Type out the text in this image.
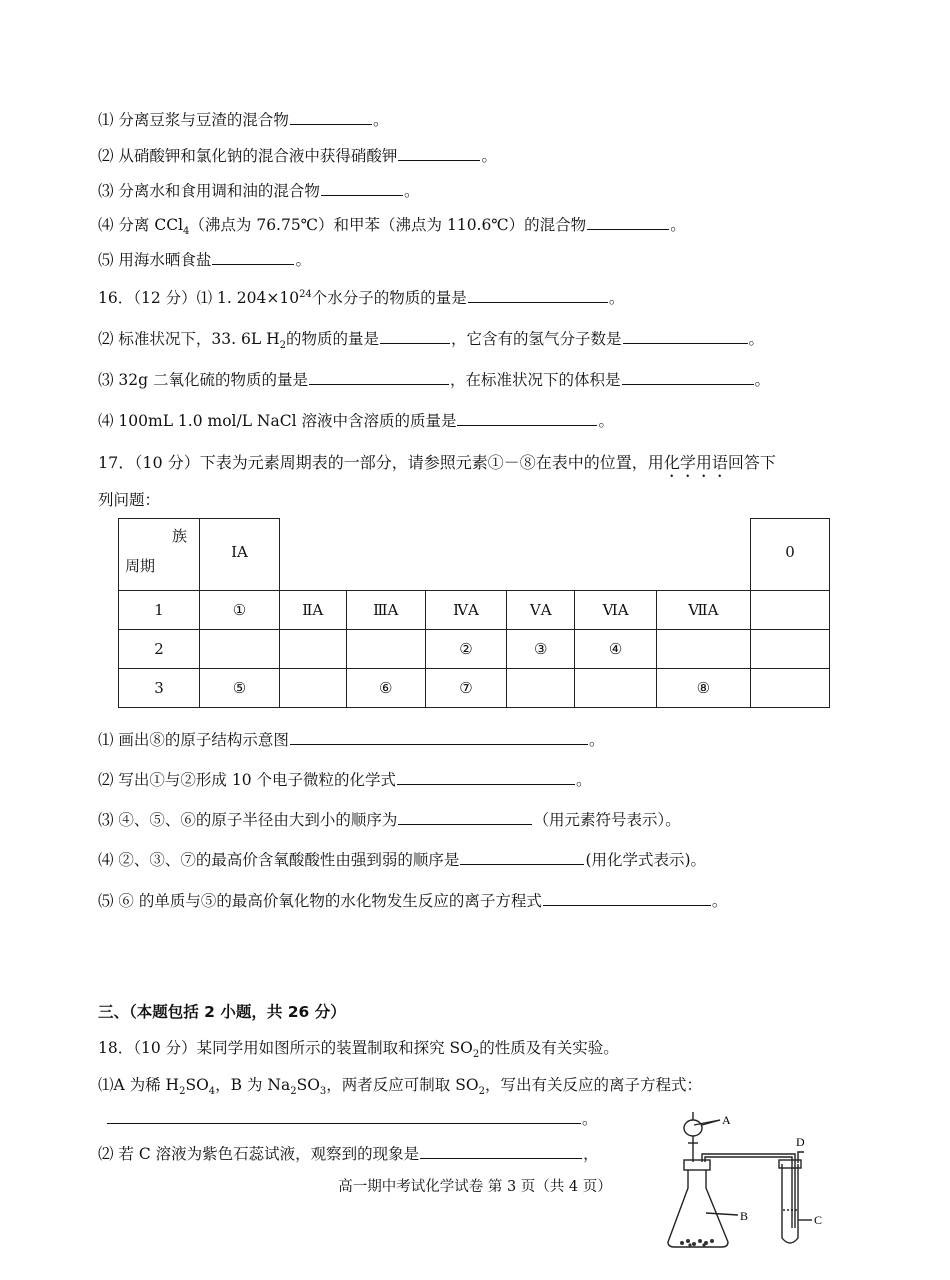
⑴ 分离豆浆与豆渣的混合物	。
⑵ 从硝酸钾和氯化钠的混合液中获得硝酸钾	。
⑶ 分离水和食用调和油的混合物	。
⑷ 分离 CCl$_4$（沸点为 76.75℃）和甲苯（沸点为 110.6℃）的混合物	。
⑸ 用海水晒食盐	。
16．（12 分）⑴ 1. $204\times 10^{24}$个水分子的物质的量是	。
⑵ 标准状况下，33. 6L $H_2$的物质的量是	，它含有的氢气分子数是	。
⑶ 32g 二氧化硫的物质的量是	，在标准状况下的体积是	。
⑷ 100mL 1.0 mol/L NaCl 溶液中含溶质的质量是	。
17．（10 分）下表为元素周期表的一部分，请参照元素①－⑧在表中的位置，用化学用语回答下
列问题：
族
周期	IA							0
1	①	ⅡA	ⅢA	ⅣA	ⅤA	ⅥA	ⅦA	
2				②	③	④		
3	⑤		⑥	⑦			⑧	
⑴ 画出⑧的原子结构示意图	。
⑵ 写出①与②形成 10 个电子微粒的化学式	。
⑶ ④、⑤、⑥的原子半径由大到小的顺序为	（用元素符号表示）。
⑷ ②、③、⑦的最高价含氧酸酸性由强到弱的顺序是	(用化学式表示)。
⑸ ⑥ 的单质与⑤的最高价氧化物的水化物发生反应的离子方程式	。
三、（本题包括 2 小题，共 26 分）
18．（10 分）某同学用如图所示的装置制取和探究 $SO_2$的性质及有关实验。
⑴A 为稀 $H_2SO_4$，B 为 $Na_2SO_3$，两者反应可制取 $SO_2$，写出有关反应的离子方程式：
。
⑵ 若 C 溶液为紫色石蕊试液，观察到的现象是	，
高一期中考试化学试卷 第 3 页（共 4 页）
A
B	C
D
